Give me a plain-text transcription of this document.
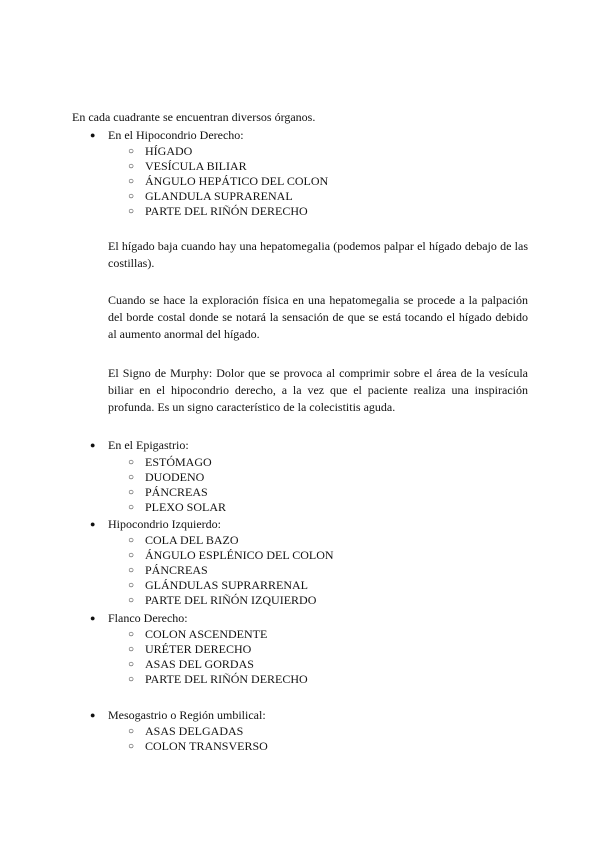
En cada cuadrante se encuentran diversos órganos.
● En el Hipocondrio Derecho:
○ HÍGADO
○ VESÍCULA BILIAR
○ ÁNGULO HEPÁTICO DEL COLON
○ GLANDULA SUPRARENAL
○ PARTE DEL RIÑÓN DERECHO
El hígado baja cuando hay una hepatomegalia (podemos palpar el hígado debajo de las costillas).
Cuando se hace la exploración física en una hepatomegalia se procede a la palpación del borde costal donde se notará la sensación de que se está tocando el hígado debido al aumento anormal del hígado.
El Signo de Murphy: Dolor que se provoca al comprimir sobre el área de la vesícula biliar en el hipocondrio derecho, a la vez que el paciente realiza una inspiración profunda. Es un signo característico de la colecistitis aguda.
● En el Epigastrio:
○ ESTÓMAGO
○ DUODENO
○ PÁNCREAS
○ PLEXO SOLAR
● Hipocondrio Izquierdo:
○ COLA DEL BAZO
○ ÁNGULO ESPLÉNICO DEL COLON
○ PÁNCREAS
○ GLÁNDULAS SUPRARRENAL
○ PARTE DEL RIÑÓN IZQUIERDO
● Flanco Derecho:
○ COLON ASCENDENTE
○ URÉTER DERECHO
○ ASAS DEL GORDAS
○ PARTE DEL RIÑÓN DERECHO
● Mesogastrio o Región umbilical:
○ ASAS DELGADAS
○ COLON TRANSVERSO
